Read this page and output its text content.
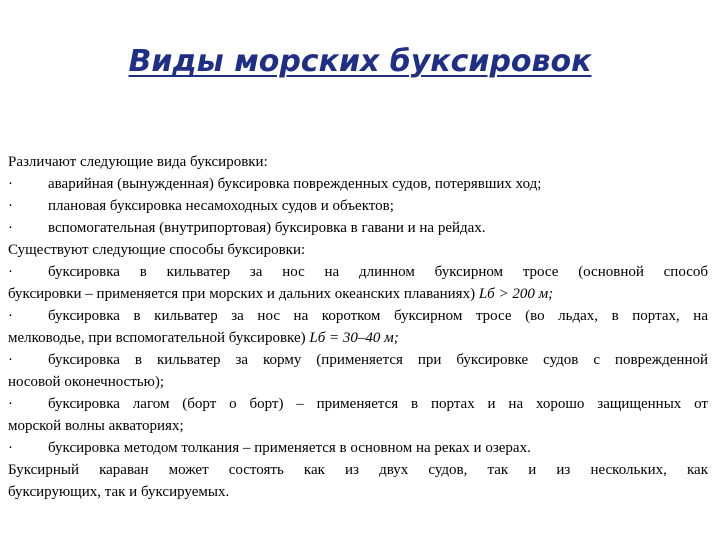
Виды морских буксировок
Различают следующие вида буксировки:
· аварийная (вынужденная) буксировка поврежденных судов, потерявших ход;
· плановая буксировка несамоходных судов и объектов;
· вспомогательная (внутрипортовая) буксировка в гавани и на рейдах.
Существуют следующие способы буксировки:
· буксировка в кильватер за нос на длинном буксирном тросе (основной способ
буксировки – применяется при морских и дальних океанских плаваниях) Lб > 200 м;
· буксировка в кильватер за нос на коротком буксирном тросе (во льдах, в портах, на
мелководье, при вспомогательной буксировке) Lб = 30–40 м;
· буксировка в кильватер за корму (применяется при буксировке судов с поврежденной
носовой оконечностью);
· буксировка лагом (борт о борт) – применяется в портах и на хорошо защищенных от
морской волны акваториях;
· буксировка методом толкания – применяется в основном на реках и озерах.
Буксирный караван может состоять как из двух судов, так и из нескольких, как
буксирующих, так и буксируемых.
